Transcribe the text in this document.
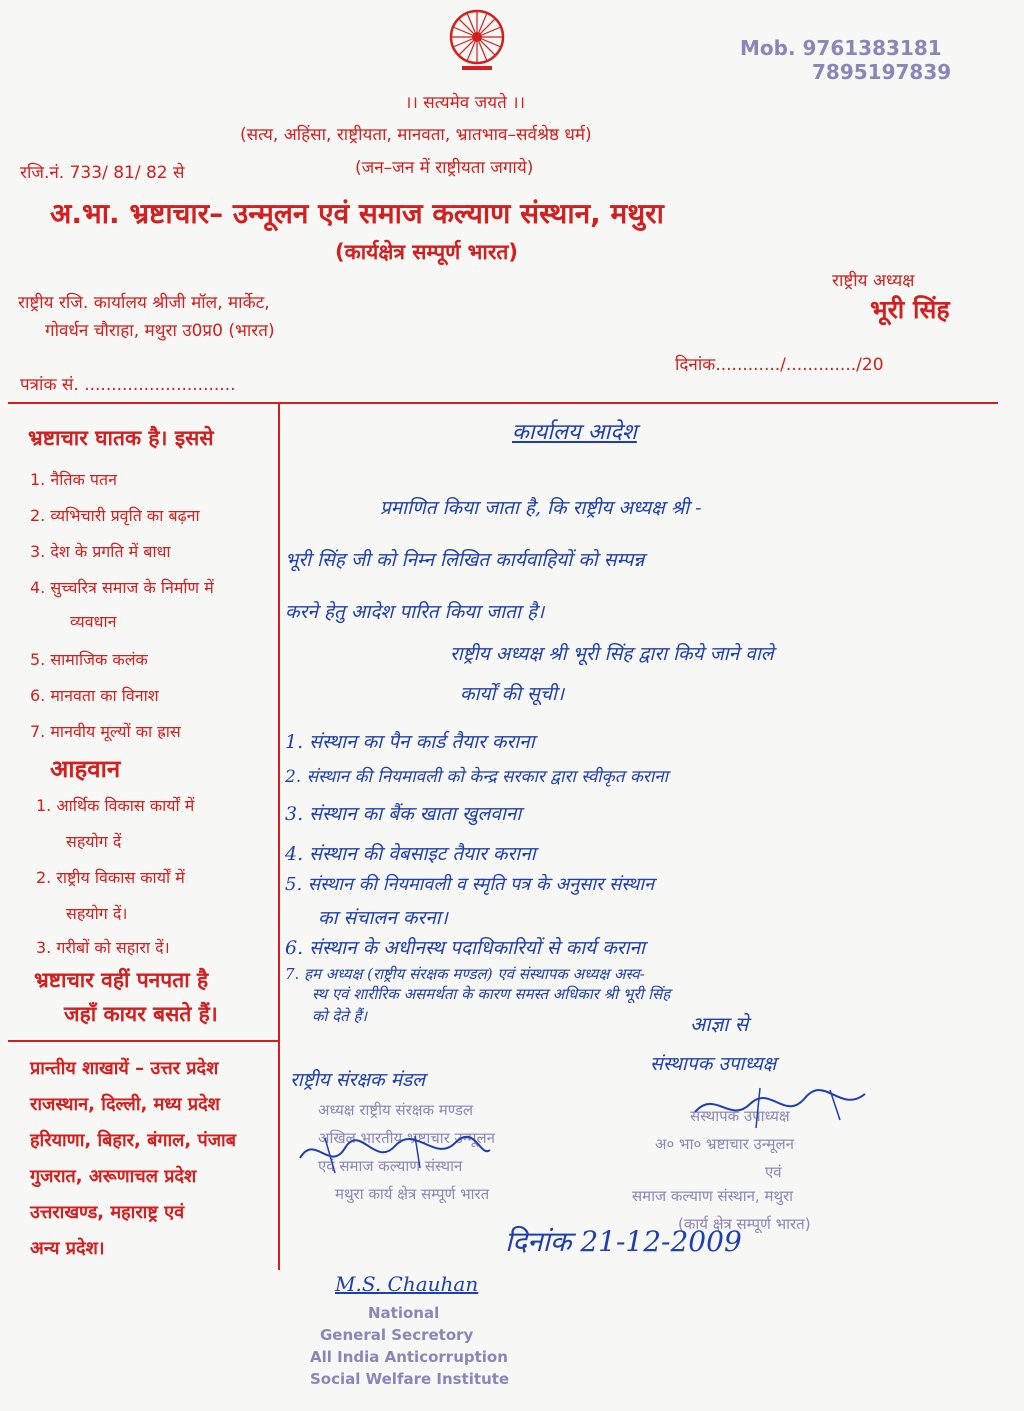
।। सत्यमेव जयते ।।
(सत्य, अहिंसा, राष्ट्रीयता, मानवता, भ्रातभाव–सर्वश्रेष्ठ धर्म)
रजि.नं. 733/ 81/ 82 से	(जन–जन में राष्ट्रीयता जगाये)
Mob. 9761383181
7895197839
अ.भा. भ्रष्टाचार– उन्मूलन एवं समाज कल्याण संस्थान, मथुरा
(कार्यक्षेत्र सम्पूर्ण भारत)
राष्ट्रीय रजि. कार्यालय श्रीजी मॉल, मार्केट,
गोवर्धन चौराहा, मथुरा उ0प्र0 (भारत)
राष्ट्रीय अध्यक्ष
भूरी सिंह
दिनांक............/............./20
पत्रांक सं. ............................
भ्रष्टाचार घातक है। इससे
1. नैतिक पतन
2. व्यभिचारी प्रवृति का बढ़ना
3. देश के प्रगति में बाधा
4. सुच्चरित्र समाज के निर्माण में
व्यवधान
5. सामाजिक कलंक
6. मानवता का विनाश
7. मानवीय मूल्यों का ह्रास
आहवान
1. आर्थिक विकास कार्यों में
सहयोग दें
2. राष्ट्रीय विकास कार्यों में
सहयोग दें।
3. गरीबों को सहारा दें।
भ्रष्टाचार वहीं पनपता है
जहाँ कायर बसते हैं।
प्रान्तीय शाखायें – उत्तर प्रदेश
राजस्थान, दिल्ली, मध्य प्रदेश
हरियाणा, बिहार, बंगाल, पंजाब
गुजरात, अरूणाचल प्रदेश
उत्तराखण्ड, महाराष्ट्र एवं
अन्य प्रदेश।
कार्यालय आदेश
प्रमाणित किया जाता है, कि राष्ट्रीय अध्यक्ष श्री -
भूरी सिंह जी को निम्न लिखित कार्यवाहियों को सम्पन्न
करने हेतु आदेश पारित किया जाता है।
राष्ट्रीय अध्यक्ष श्री भूरी सिंह द्वारा किये जाने वाले
कार्यों की सूची।
1. संस्थान का पैन कार्ड तैयार कराना
2. संस्थान की नियमावली को केन्द्र सरकार द्वारा स्वीकृत कराना
3. संस्थान का बैंक खाता खुलवाना
4. संस्थान की वेबसाइट तैयार कराना
5. संस्थान की नियमावली व स्मृति पत्र के अनुसार संस्थान
का संचालन करना।
6. संस्थान के अधीनस्थ पदाधिकारियों से कार्य कराना
7. हम अध्यक्ष (राष्ट्रीय संरक्षक मण्डल) एवं संस्थापक अध्यक्ष अस्व-
स्थ एवं शारीरिक असमर्थता के कारण समस्त अधिकार श्री भूरी सिंह
को देते हैं।	आज्ञा से
राष्ट्रीय संरक्षक मंडल
संस्थापक उपाध्यक्ष
अध्यक्ष राष्ट्रीय संरक्षक मण्डल
अखिल भारतीय भ्रष्टाचार उन्मूलन
एवं समाज कल्याण संस्थान
मथुरा कार्य क्षेत्र सम्पूर्ण भारत
संस्थापक उपाध्यक्ष
अ० भा० भ्रष्टाचार उन्मूलन
एवं
समाज कल्याण संस्थान, मथुरा
(कार्य क्षेत्र सम्पूर्ण भारत)
दिनांक 21-12-2009
M.S. Chauhan
National
General Secretory
All India Anticorruption
Social Welfare Institute
